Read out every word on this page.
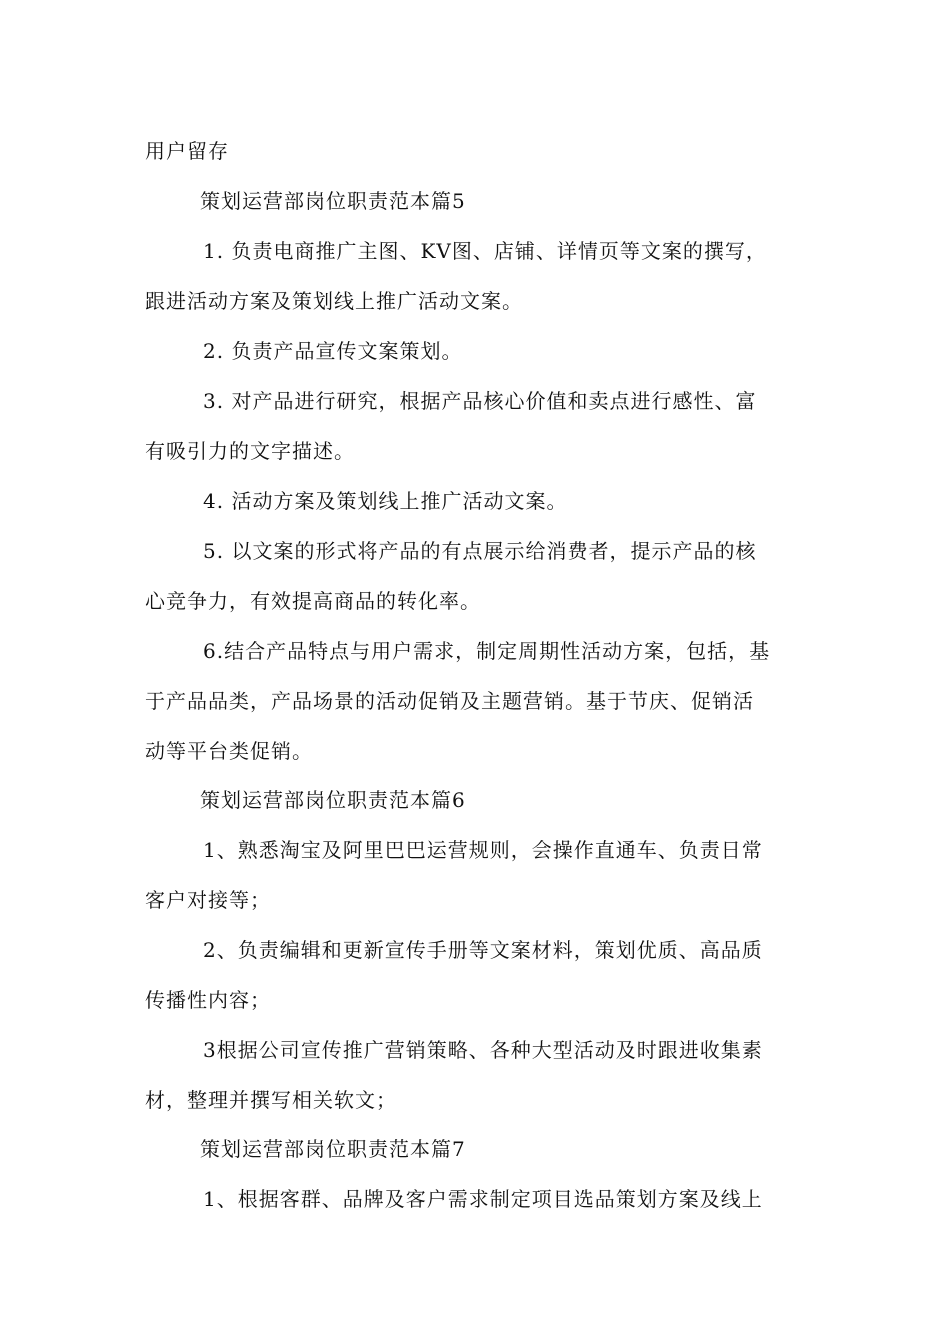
用户留存
策划运营部岗位职责范本篇5
1. 负责电商推广主图、KV图、店铺、详情页等文案的撰写，
跟进活动方案及策划线上推广活动文案。
2. 负责产品宣传文案策划。
3. 对产品进行研究，根据产品核心价值和卖点进行感性、富
有吸引力的文字描述。
4. 活动方案及策划线上推广活动文案。
5. 以文案的形式将产品的有点展示给消费者，提示产品的核
心竞争力，有效提高商品的转化率。
6.结合产品特点与用户需求，制定周期性活动方案，包括，基
于产品品类，产品场景的活动促销及主题营销。基于节庆、促销活
动等平台类促销。
策划运营部岗位职责范本篇6
1、熟悉淘宝及阿里巴巴运营规则，会操作直通车、负责日常
客户对接等；
2、负责编辑和更新宣传手册等文案材料，策划优质、高品质
传播性内容；
3根据公司宣传推广营销策略、各种大型活动及时跟进收集素
材，整理并撰写相关软文；
策划运营部岗位职责范本篇7
1、根据客群、品牌及客户需求制定项目选品策划方案及线上
